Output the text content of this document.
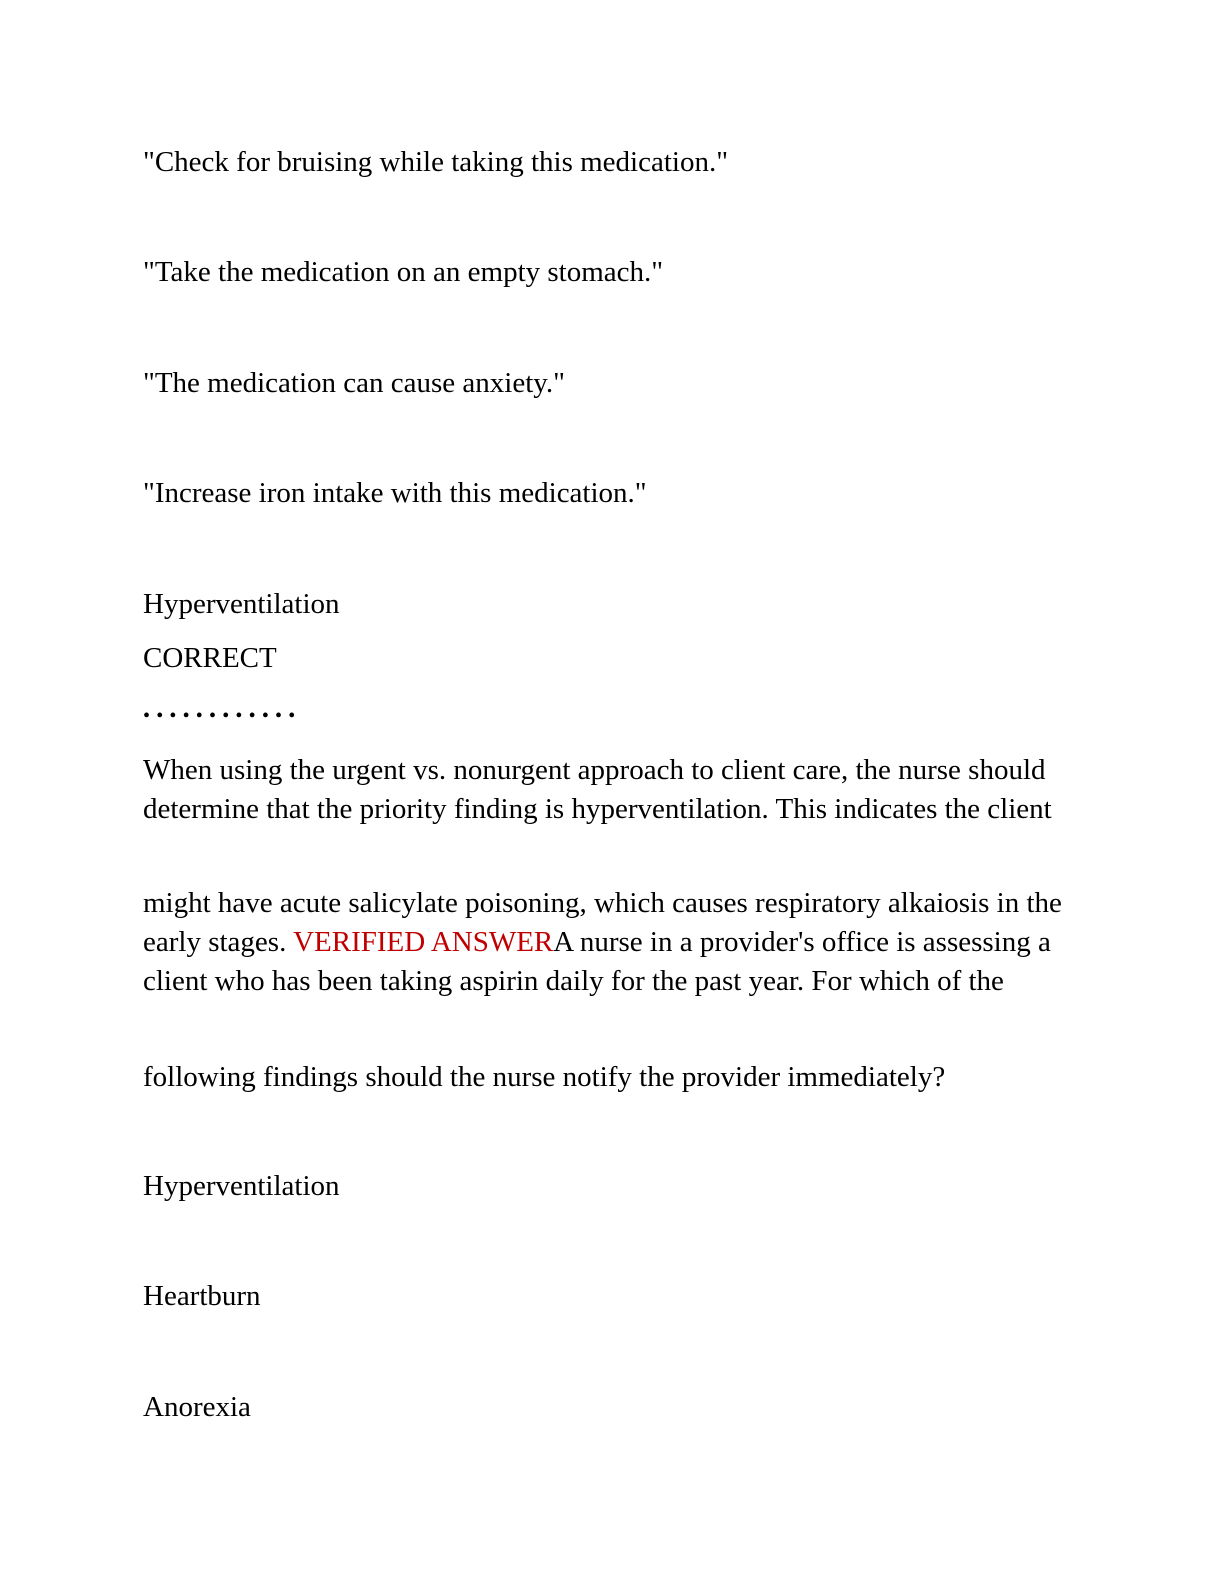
"Check for bruising while taking this medication."
"Take the medication on an empty stomach."
"The medication can cause anxiety."
"Increase iron intake with this medication."
Hyperventilation
CORRECT
••••••••••••
When using the urgent vs. nonurgent approach to client care, the nurse should determine that the priority finding is hyperventilation. This indicates the client
might have acute salicylate poisoning, which causes respiratory alkaiosis in the early stages. VERIFIED ANSWERA nurse in a provider's office is assessing a client who has been taking aspirin daily for the past year. For which of the
following findings should the nurse notify the provider immediately?
Hyperventilation
Heartburn
Anorexia
